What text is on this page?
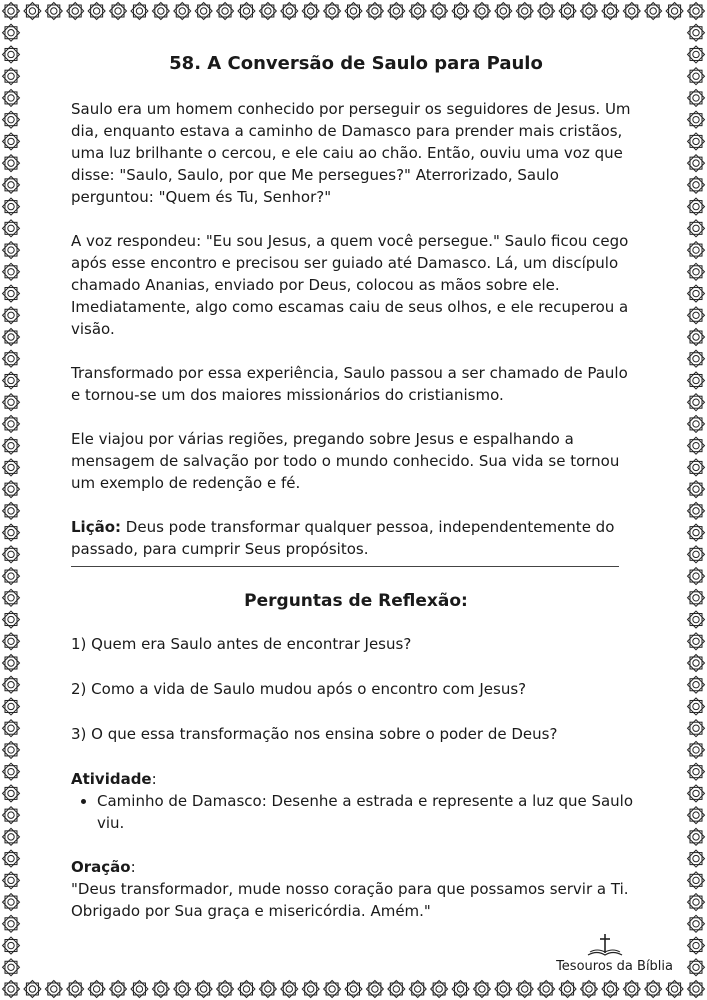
58. A Conversão de Saulo para Paulo

Saulo era um homem conhecido por perseguir os seguidores de Jesus. Um dia, enquanto estava a caminho de Damasco para prender mais cristãos, uma luz brilhante o cercou, e ele caiu ao chão. Então, ouviu uma voz que disse: "Saulo, Saulo, por que Me persegues?" Aterrorizado, Saulo perguntou: "Quem és Tu, Senhor?"

A voz respondeu: "Eu sou Jesus, a quem você persegue." Saulo ficou cego após esse encontro e precisou ser guiado até Damasco. Lá, um discípulo chamado Ananias, enviado por Deus, colocou as mãos sobre ele. Imediatamente, algo como escamas caiu de seus olhos, e ele recuperou a visão.

Transformado por essa experiência, Saulo passou a ser chamado de Paulo e tornou-se um dos maiores missionários do cristianismo.

Ele viajou por várias regiões, pregando sobre Jesus e espalhando a mensagem de salvação por todo o mundo conhecido. Sua vida se tornou um exemplo de redenção e fé.

Lição: Deus pode transformar qualquer pessoa, independentemente do passado, para cumprir Seus propósitos.

Perguntas de Reflexão:
1) Quem era Saulo antes de encontrar Jesus?
2) Como a vida de Saulo mudou após o encontro com Jesus?
3) O que essa transformação nos ensina sobre o poder de Deus?
Atividade:
• Caminho de Damasco: Desenhe a estrada e represente a luz que Saulo viu.
Oração:
"Deus transformador, mude nosso coração para que possamos servir a Ti.
Obrigado por Sua graça e misericórdia. Amém."
Tesouros da Bíblia
